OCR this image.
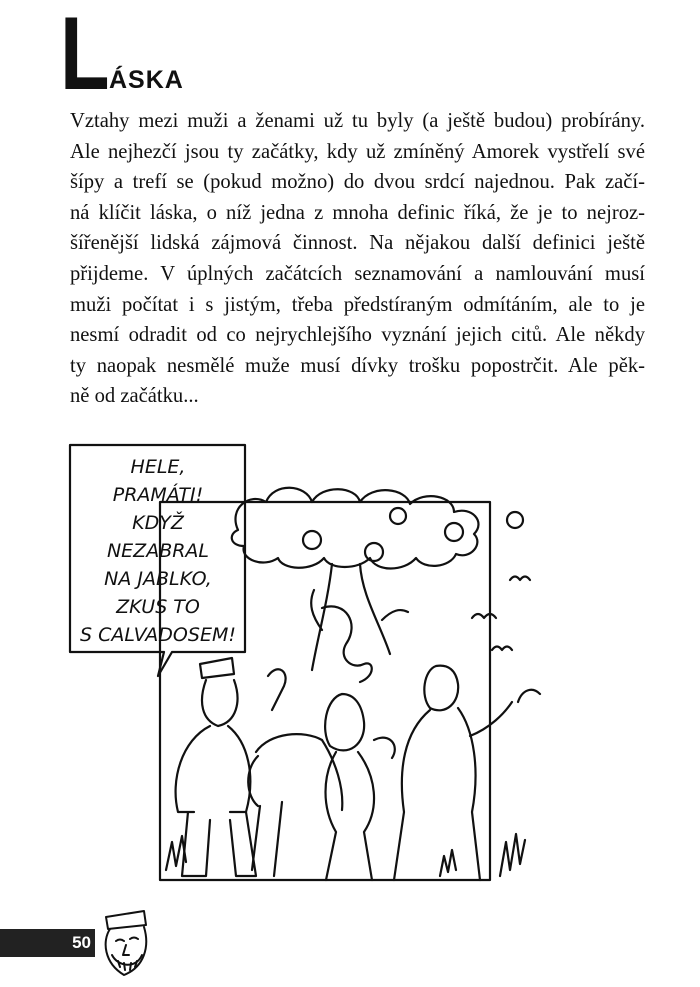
L ÁSKA
Vztahy mezi muži a ženami už tu byly (a ještě budou) probírány.
Ale nejhezčí jsou ty začátky, kdy už zmíněný Amorek vystřelí své
šípy a trefí se (pokud možno) do dvou srdcí najednou. Pak začí-
ná klíčit láska, o níž jedna z mnoha definic říká, že je to nejroz-
šířenější lidská zájmová činnost. Na nějakou další definici ještě
přijdeme. V úplných začátcích seznamování a namlouvání musí
muži počítat i s jistým, třeba předstíraným odmítáním, ale to je
nesmí odradit od co nejrychlejšího vyznání jejich citů. Ale někdy
ty naopak nesmělé muže musí dívky trošku popostrčit. Ale pěk-
ně od začátku...
HELE,
PRAMÁTI!
KDYŽ
NEZABRAL
NA JABLKO,
ZKUS TO
S CALVADOSEM!
50
